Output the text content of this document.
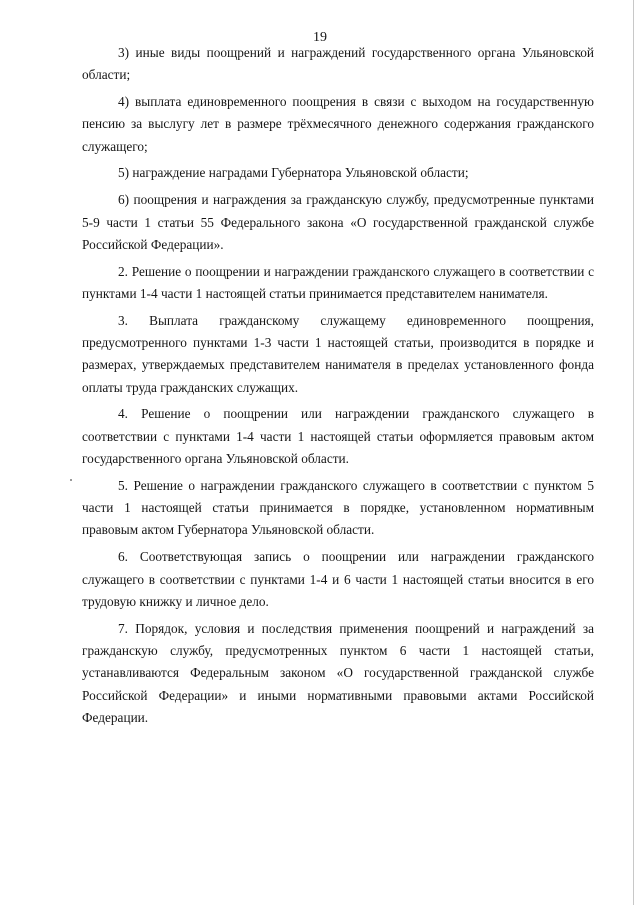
19

3) иные виды поощрений и награждений государственного органа Ульяновской области;

4) выплата единовременного поощрения в связи с выходом на государственную пенсию за выслугу лет в размере трёхмесячного денежного содержания гражданского служащего;

5) награждение наградами Губернатора Ульяновской области;

6) поощрения и награждения за гражданскую службу, предусмотренные пунктами 5-9 части 1 статьи 55 Федерального закона «О государственной гражданской службе Российской Федерации».

2. Решение о поощрении и награждении гражданского служащего в соответствии с пунктами 1-4 части 1 настоящей статьи принимается представителем нанимателя.

3. Выплата гражданскому служащему единовременного поощрения, предусмотренного пунктами 1-3 части 1 настоящей статьи, производится в порядке и размерах, утверждаемых представителем нанимателя в пределах установленного фонда оплаты труда гражданских служащих.

4. Решение о поощрении или награждении гражданского служащего в соответствии с пунктами 1-4 части 1 настоящей статьи оформляется правовым актом государственного органа Ульяновской области.

5. Решение о награждении гражданского служащего в соответствии с пунктом 5 части 1 настоящей статьи принимается в порядке, установленном нормативным правовым актом Губернатора Ульяновской области.

6. Соответствующая запись о поощрении или награждении гражданского служащего в соответствии с пунктами 1-4 и 6 части 1 настоящей статьи вносится в его трудовую книжку и личное дело.

7. Порядок, условия и последствия применения поощрений и награждений за гражданскую службу, предусмотренных пунктом 6 части 1 настоящей статьи, устанавливаются Федеральным законом «О государственной гражданской службе Российской Федерации» и иными нормативными правовыми актами Российской Федерации.
